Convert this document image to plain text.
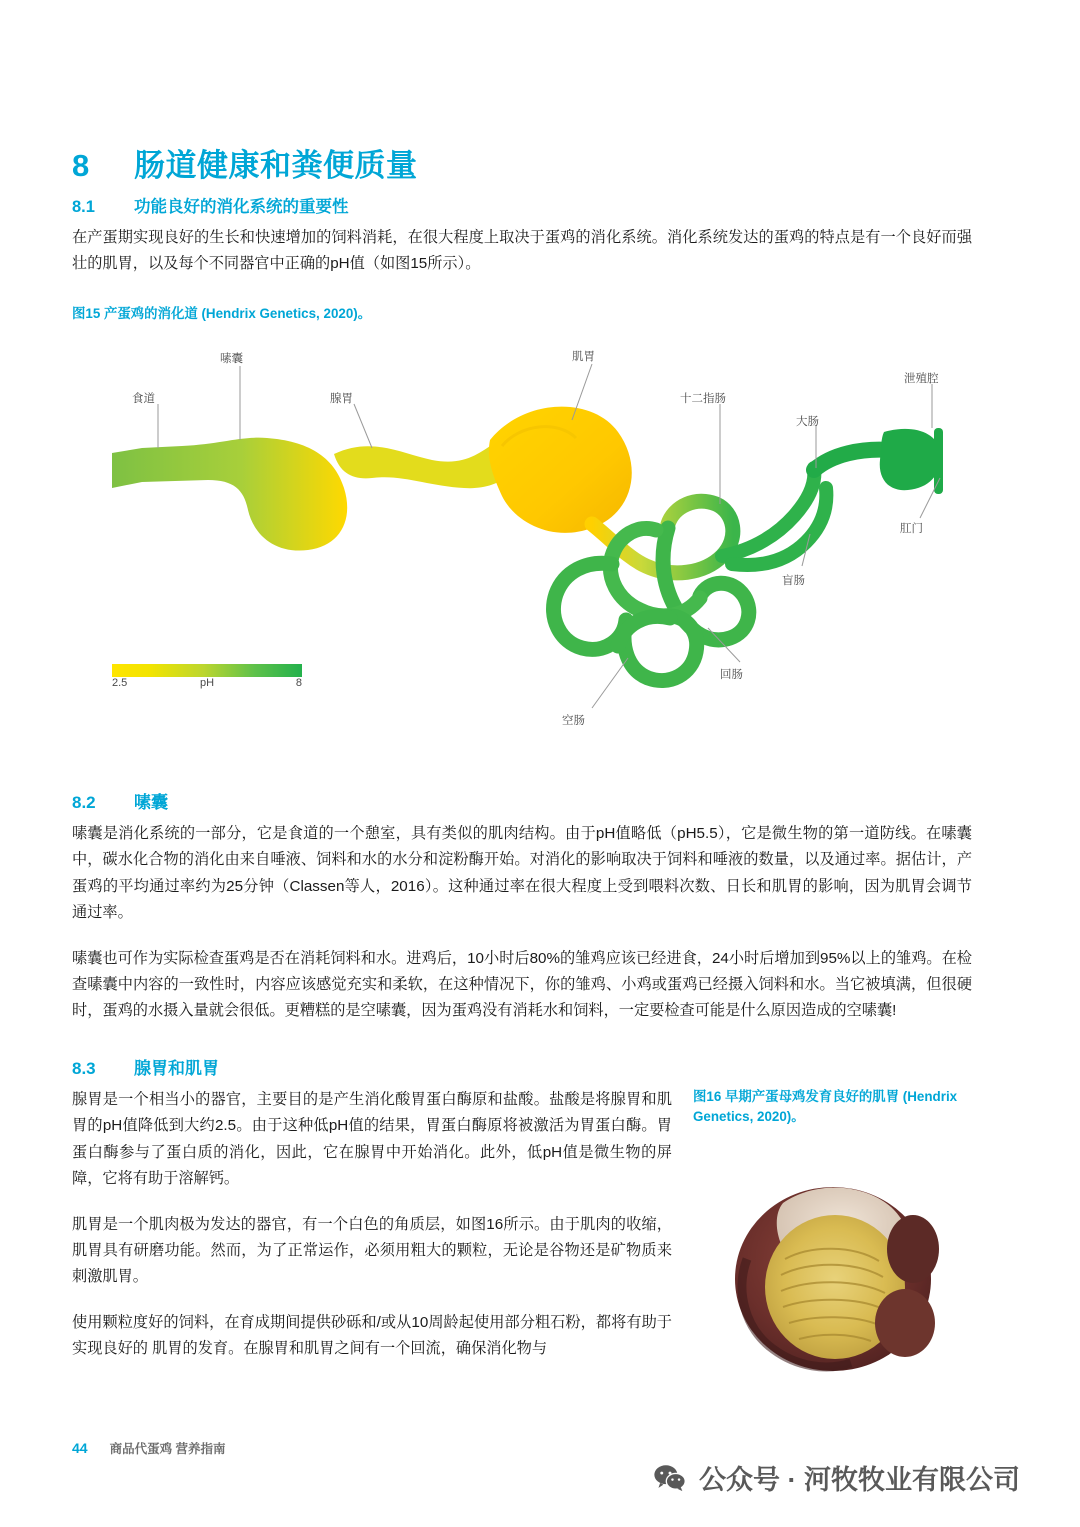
8	肠道健康和粪便质量
8.1	功能良好的消化系统的重要性

在产蛋期实现良好的生长和快速增加的饲料消耗，在很大程度上取决于蛋鸡的消化系统。消化系统发达的蛋鸡的特点是有一个良好而强壮的肌胃，以及每个不同器官中正确的pH值（如图15所示）。

图15 产蛋鸡的消化道 (Hendrix Genetics, 2020)。
食道
嗉囊
腺胃
肌胃
十二指肠
大肠
泄殖腔
肛门
盲肠
回肠
空肠
2.5	pH	8
8.2	嗉囊

嗉囊是消化系统的一部分，它是食道的一个憩室，具有类似的肌肉结构。由于pH值略低（pH5.5），它是微生物的第一道防线。在嗉囊中，碳水化合物的消化由来自唾液、饲料和水的水分和淀粉酶开始。对消化的影响取决于饲料和唾液的数量，以及通过率。据估计，产蛋鸡的平均通过率约为25分钟（Classen等人，2016）。这种通过率在很大程度上受到喂料次数、日长和肌胃的影响，因为肌胃会调节通过率。

嗉囊也可作为实际检查蛋鸡是否在消耗饲料和水。进鸡后，10小时后80%的雏鸡应该已经进食，24小时后增加到95%以上的雏鸡。在检查嗉囊中内容的一致性时，内容应该感觉充实和柔软，在这种情况下，你的雏鸡、小鸡或蛋鸡已经摄入饲料和水。当它被填满，但很硬时，蛋鸡的水摄入量就会很低。更糟糕的是空嗉囊，因为蛋鸡没有消耗水和饲料，一定要检查可能是什么原因造成的空嗉囊!

8.3	腺胃和肌胃

腺胃是一个相当小的器官，主要目的是产生消化酸胃蛋白酶原和盐酸。盐酸是将腺胃和肌胃的pH值降低到大约2.5。由于这种低pH值的结果，胃蛋白酶原将被激活为胃蛋白酶。胃蛋白酶参与了蛋白质的消化，因此，它在腺胃中开始消化。此外，低pH值是微生物的屏障，它将有助于溶解钙。

肌胃是一个肌肉极为发达的器官，有一个白色的角质层，如图16所示。由于肌肉的收缩，肌胃具有研磨功能。然而，为了正常运作，必须用粗大的颗粒，无论是谷物还是矿物质来刺激肌胃。

使用颗粒度好的饲料，在育成期间提供砂砾和/或从10周龄起使用部分粗石粉，都将有助于实现良好的 肌胃的发育。在腺胃和肌胃之间有一个回流，确保消化物与

图16 早期产蛋母鸡发育良好的肌胃 (Hendrix Genetics, 2020)。
44 商品代蛋鸡 营养指南
公众号 · 河牧牧业有限公司
